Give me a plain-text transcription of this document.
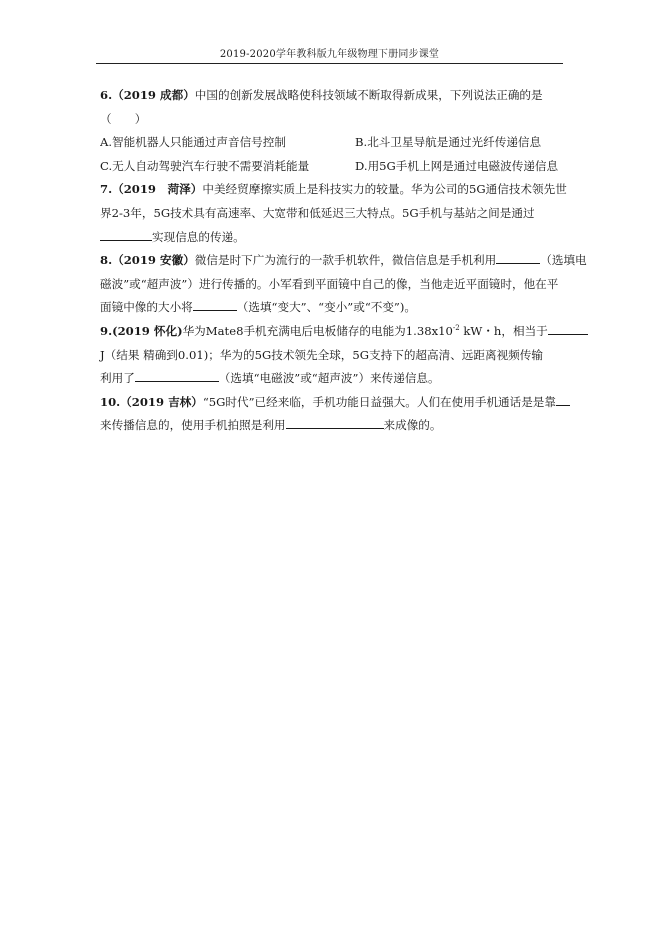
2019-2020学年教科版九年级物理下册同步课堂

6.（2019 成都）中国的创新发展战略使科技领域不断取得新成果，下列说法正确的是

（　　）

A.智能机器人只能通过声音信号控制	B.北斗卫星导航是通过光纤传递信息
C.无人自动驾驶汽车行驶不需要消耗能量	D.用5G手机上网是通过电磁波传递信息

7.（2019　菏泽）中美经贸摩擦实质上是科技实力的较量。华为公司的5G通信技术领先世

界2-3年，5G技术具有高速率、大宽带和低延迟三大特点。5G手机与基站之间是通过

实现信息的传递。

8.（2019 安徽）微信是时下广为流行的一款手机软件，微信信息是手机利用	（选填电

磁波”或“超声波”）进行传播的。小军看到平面镜中自己的像，当他走近平面镜时，他在平

面镜中像的大小将	（选填“变大”、“变小”或“不变”)。

9.(2019 怀化)华为Mate8手机充满电后电板储存的电能为$1.38x10^{-2}$ kW・h，相当于

J（结果 精确到0.01)；华为的5G技术领先全球，5G支持下的超高清、远距离视频传输

利用了	（选填“电磁波”或“超声波”）来传递信息。

10.（2019 吉林）“5G时代”已经来临，手机功能日益强大。人们在使用手机通话是是靠

来传播信息的，使用手机拍照是利用	来成像的。
